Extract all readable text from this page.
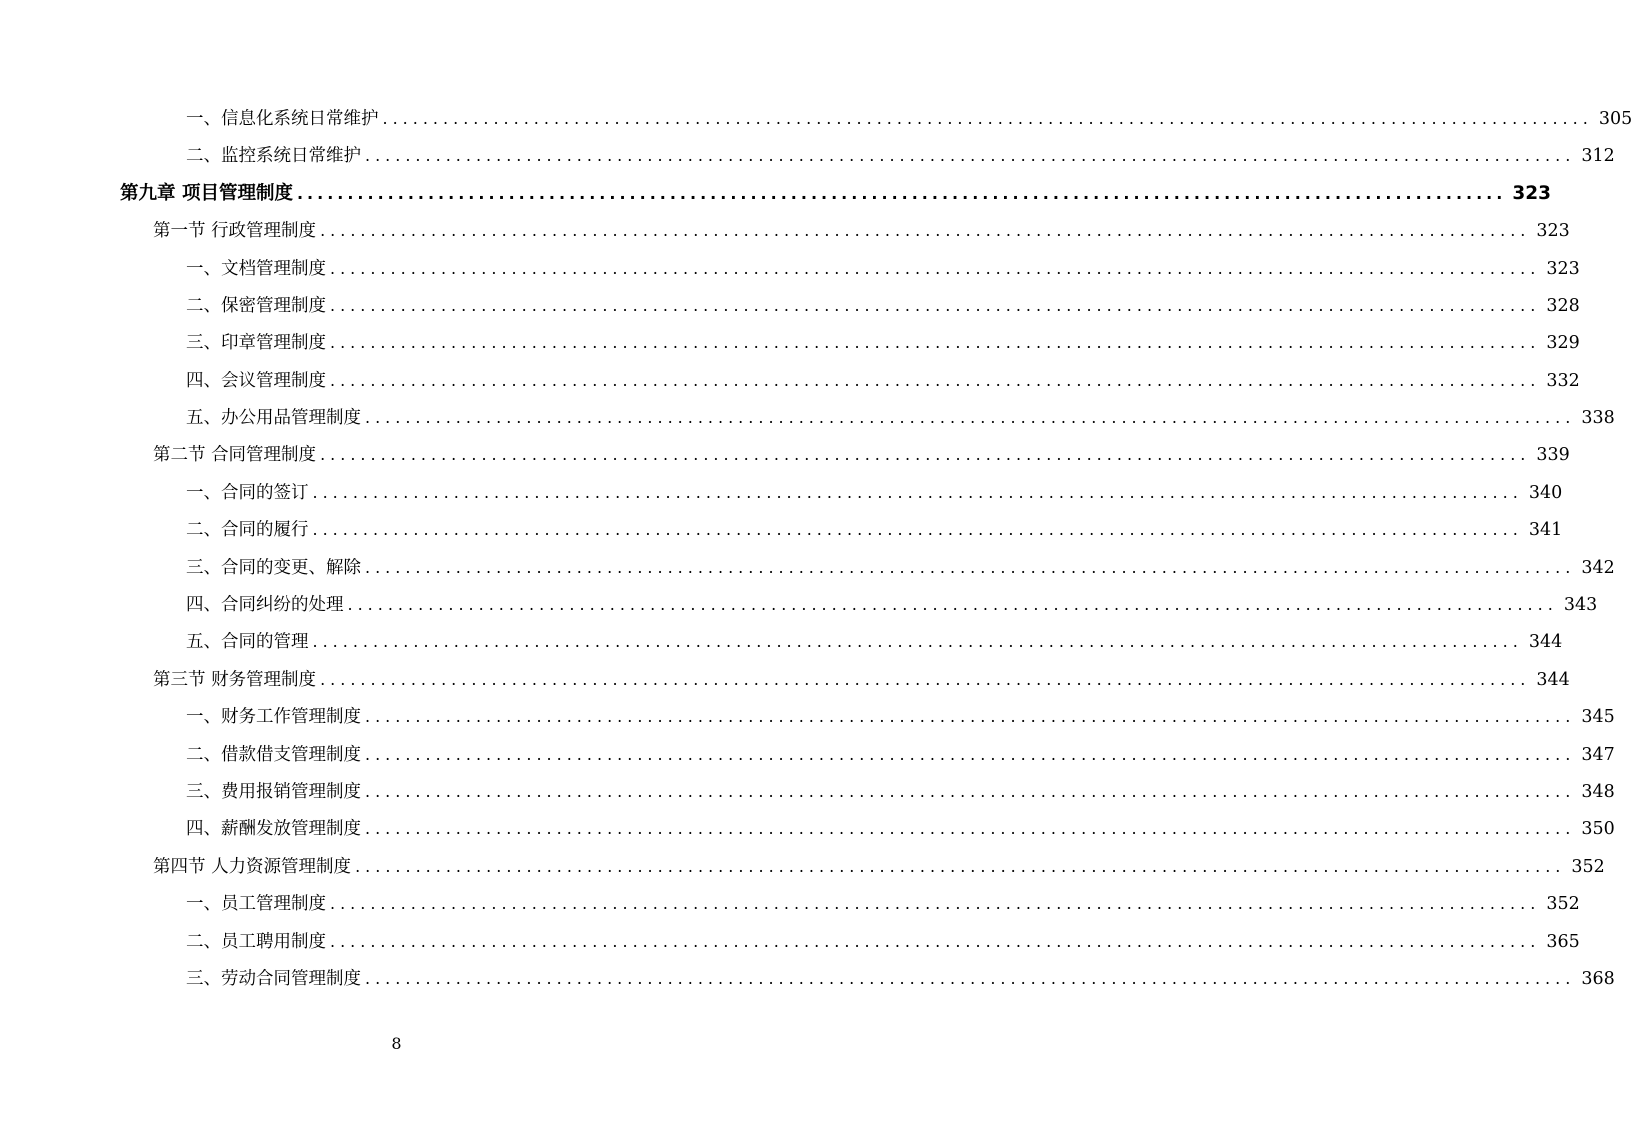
一、信息化系统日常维护 ........................................................................................................................ 305
二、监控系统日常维护 ........................................................................................................................ 312
第九章 项目管理制度 ........................................................................................................................ 323
第一节 行政管理制度 ........................................................................................................................ 323
一、文档管理制度 ........................................................................................................................ 323
二、保密管理制度 ........................................................................................................................ 328
三、印章管理制度 ........................................................................................................................ 329
四、会议管理制度 ........................................................................................................................ 332
五、办公用品管理制度 ........................................................................................................................ 338
第二节 合同管理制度 ........................................................................................................................ 339
一、合同的签订 ........................................................................................................................ 340
二、合同的履行 ........................................................................................................................ 341
三、合同的变更、解除 ........................................................................................................................ 342
四、合同纠纷的处理 ........................................................................................................................ 343
五、合同的管理 ........................................................................................................................ 344
第三节 财务管理制度 ........................................................................................................................ 344
一、财务工作管理制度 ........................................................................................................................ 345
二、借款借支管理制度 ........................................................................................................................ 347
三、费用报销管理制度 ........................................................................................................................ 348
四、薪酬发放管理制度 ........................................................................................................................ 350
第四节 人力资源管理制度 ........................................................................................................................ 352
一、员工管理制度 ........................................................................................................................ 352
二、员工聘用制度 ........................................................................................................................ 365
三、劳动合同管理制度 ........................................................................................................................ 368
8
